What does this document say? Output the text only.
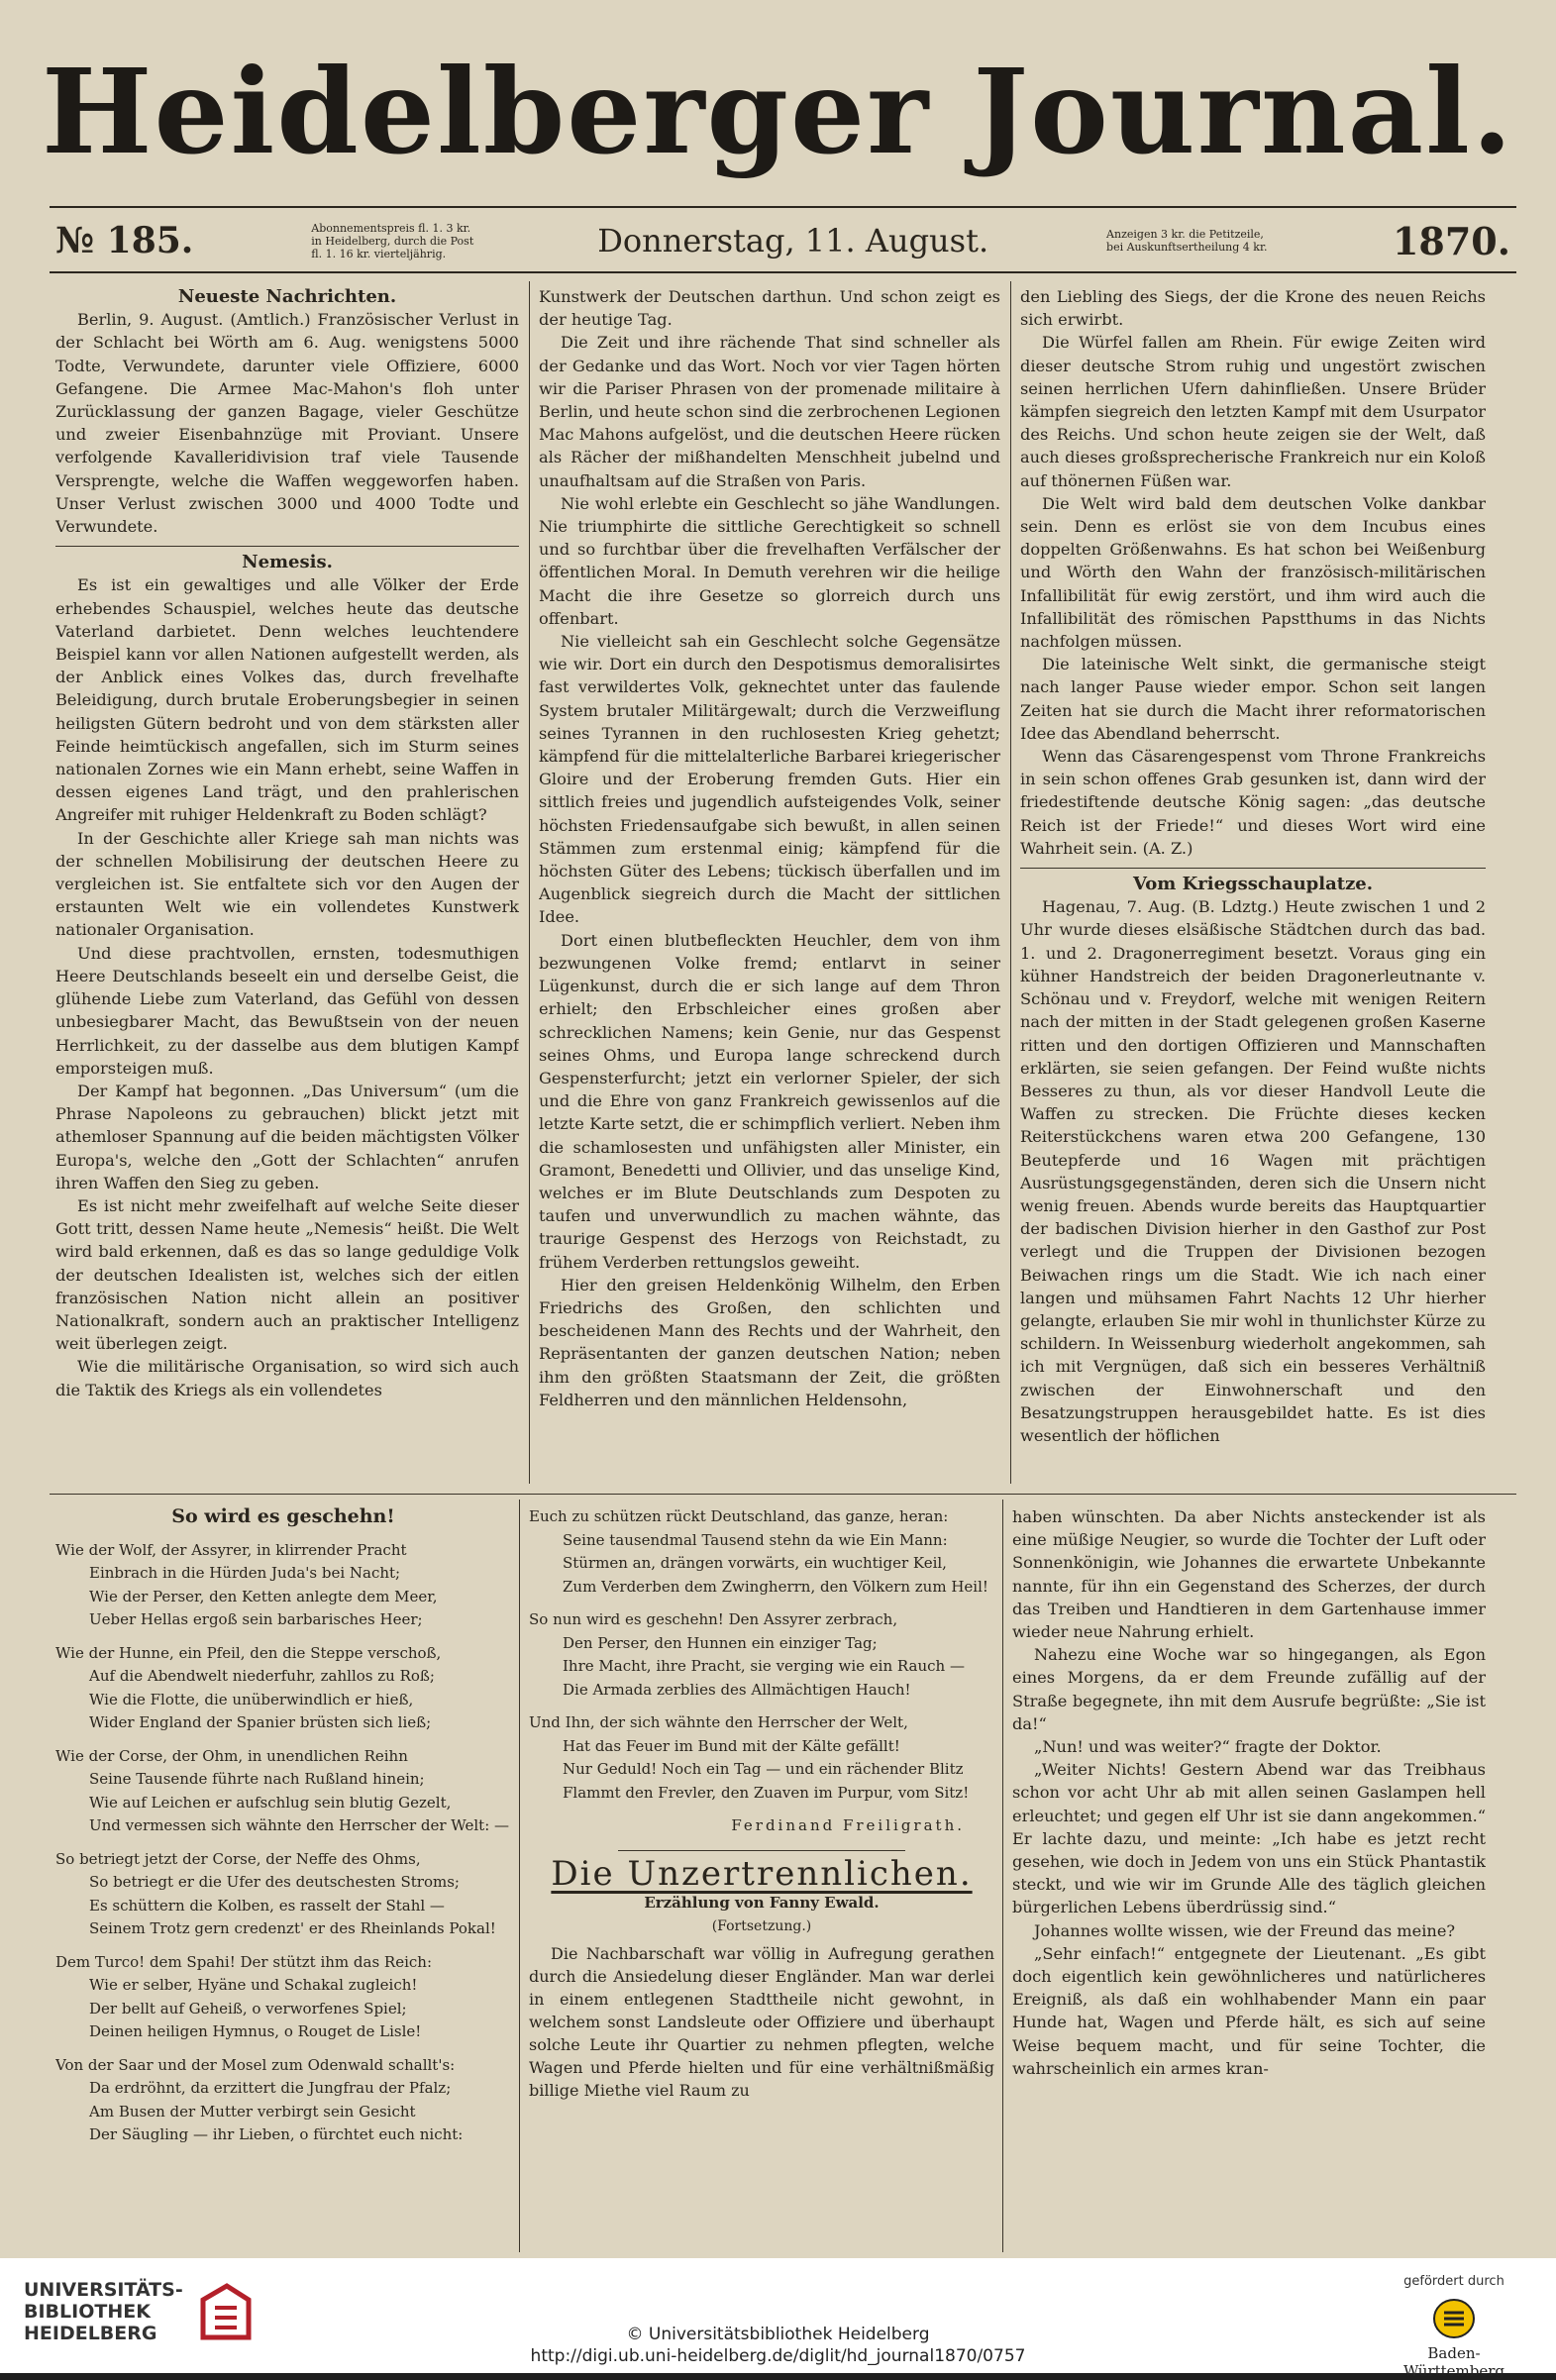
Heidelberger Journal.
№ 185.	Abonnementspreis fl. 1. 3 kr. in Heidelberg, durch die Post fl. 1. 16 kr. vierteljährig.	Donnerstag, 11. August.	Anzeigen 3 kr. die Petitzeile, bei Auskunftsertheilung 4 kr.	1870.

Neueste Nachrichten.

Berlin, 9. August. (Amtlich.) Französischer Verlust in der Schlacht bei Wörth am 6. Aug. wenigstens 5000 Todte, Verwundete, darunter viele Offiziere, 6000 Gefangene. Die Armee Mac-Mahon's floh unter Zurücklassung der ganzen Bagage, vieler Geschütze und zweier Eisenbahnzüge mit Proviant. Unsere verfolgende Kavalleridivision traf viele Tausende Versprengte, welche die Waffen weggeworfen haben. Unser Verlust zwischen 3000 und 4000 Todte und Verwundete.

Nemesis.

Es ist ein gewaltiges und alle Völker der Erde erhebendes Schauspiel, welches heute das deutsche Vaterland darbietet. Denn welches leuchtendere Beispiel kann vor allen Nationen aufgestellt werden, als der Anblick eines Volkes das, durch frevelhafte Beleidigung, durch brutale Eroberungsbegier in seinen heiligsten Gütern bedroht und von dem stärksten aller Feinde heimtückisch angefallen, sich im Sturm seines nationalen Zornes wie ein Mann erhebt, seine Waffen in dessen eigenes Land trägt, und den prahlerischen Angreifer mit ruhiger Heldenkraft zu Boden schlägt?

In der Geschichte aller Kriege sah man nichts was der schnellen Mobilisirung der deutschen Heere zu vergleichen ist. Sie entfaltete sich vor den Augen der erstaunten Welt wie ein vollendetes Kunstwerk nationaler Organisation.

Und diese prachtvollen, ernsten, todesmuthigen Heere Deutschlands beseelt ein und derselbe Geist, die glühende Liebe zum Vaterland, das Gefühl von dessen unbesiegbarer Macht, das Bewußtsein von der neuen Herrlichkeit, zu der dasselbe aus dem blutigen Kampf emporsteigen muß.

Der Kampf hat begonnen. „Das Universum“ (um die Phrase Napoleons zu gebrauchen) blickt jetzt mit athemloser Spannung auf die beiden mächtigsten Völker Europa's, welche den „Gott der Schlachten“ anrufen ihren Waffen den Sieg zu geben.

Es ist nicht mehr zweifelhaft auf welche Seite dieser Gott tritt, dessen Name heute „Nemesis“ heißt. Die Welt wird bald erkennen, daß es das so lange geduldige Volk der deutschen Idealisten ist, welches sich der eitlen französischen Nation nicht allein an positiver Nationalkraft, sondern auch an praktischer Intelligenz weit überlegen zeigt.

Wie die militärische Organisation, so wird sich auch die Taktik des Kriegs als ein vollendetes

Kunstwerk der Deutschen darthun. Und schon zeigt es der heutige Tag.

Die Zeit und ihre rächende That sind schneller als der Gedanke und das Wort. Noch vor vier Tagen hörten wir die Pariser Phrasen von der promenade militaire à Berlin, und heute schon sind die zerbrochenen Legionen Mac Mahons aufgelöst, und die deutschen Heere rücken als Rächer der mißhandelten Menschheit jubelnd und unaufhaltsam auf die Straßen von Paris.

Nie wohl erlebte ein Geschlecht so jähe Wandlungen. Nie triumphirte die sittliche Gerechtigkeit so schnell und so furchtbar über die frevelhaften Verfälscher der öffentlichen Moral. In Demuth verehren wir die heilige Macht die ihre Gesetze so glorreich durch uns offenbart.

Nie vielleicht sah ein Geschlecht solche Gegensätze wie wir. Dort ein durch den Despotismus demoralisirtes fast verwildertes Volk, geknechtet unter das faulende System brutaler Militärgewalt; durch die Verzweiflung seines Tyrannen in den ruchlosesten Krieg gehetzt; kämpfend für die mittelalterliche Barbarei kriegerischer Gloire und der Eroberung fremden Guts. Hier ein sittlich freies und jugendlich aufsteigendes Volk, seiner höchsten Friedensaufgabe sich bewußt, in allen seinen Stämmen zum erstenmal einig; kämpfend für die höchsten Güter des Lebens; tückisch überfallen und im Augenblick siegreich durch die Macht der sittlichen Idee.

Dort einen blutbefleckten Heuchler, dem von ihm bezwungenen Volke fremd; entlarvt in seiner Lügenkunst, durch die er sich lange auf dem Thron erhielt; den Erbschleicher eines großen aber schrecklichen Namens; kein Genie, nur das Gespenst seines Ohms, und Europa lange schreckend durch Gespensterfurcht; jetzt ein verlorner Spieler, der sich und die Ehre von ganz Frankreich gewissenlos auf die letzte Karte setzt, die er schimpflich verliert. Neben ihm die schamlosesten und unfähigsten aller Minister, ein Gramont, Benedetti und Ollivier, und das unselige Kind, welches er im Blute Deutschlands zum Despoten zu taufen und unverwundlich zu machen wähnte, das traurige Gespenst des Herzogs von Reichstadt, zu frühem Verderben rettungslos geweiht.

Hier den greisen Heldenkönig Wilhelm, den Erben Friedrichs des Großen, den schlichten und bescheidenen Mann des Rechts und der Wahrheit, den Repräsentanten der ganzen deutschen Nation; neben ihm den größten Staatsmann der Zeit, die größten Feldherren und den männlichen Heldensohn,

den Liebling des Siegs, der die Krone des neuen Reichs sich erwirbt.

Die Würfel fallen am Rhein. Für ewige Zeiten wird dieser deutsche Strom ruhig und ungestört zwischen seinen herrlichen Ufern dahinfließen. Unsere Brüder kämpfen siegreich den letzten Kampf mit dem Usurpator des Reichs. Und schon heute zeigen sie der Welt, daß auch dieses großsprecherische Frankreich nur ein Koloß auf thönernen Füßen war.

Die Welt wird bald dem deutschen Volke dankbar sein. Denn es erlöst sie von dem Incubus eines doppelten Größenwahns. Es hat schon bei Weißenburg und Wörth den Wahn der französisch-militärischen Infallibilität für ewig zerstört, und ihm wird auch die Infallibilität des römischen Papstthums in das Nichts nachfolgen müssen.

Die lateinische Welt sinkt, die germanische steigt nach langer Pause wieder empor. Schon seit langen Zeiten hat sie durch die Macht ihrer reformatorischen Idee das Abendland beherrscht.

Wenn das Cäsarengespenst vom Throne Frankreichs in sein schon offenes Grab gesunken ist, dann wird der friedestiftende deutsche König sagen: „das deutsche Reich ist der Friede!“ und dieses Wort wird eine Wahrheit sein. (A. Z.)

Vom Kriegsschauplatze.

Hagenau, 7. Aug. (B. Ldztg.) Heute zwischen 1 und 2 Uhr wurde dieses elsäßische Städtchen durch das bad. 1. und 2. Dragonerregiment besetzt. Voraus ging ein kühner Handstreich der beiden Dragonerleutnante v. Schönau und v. Freydorf, welche mit wenigen Reitern nach der mitten in der Stadt gelegenen großen Kaserne ritten und den dortigen Offizieren und Mannschaften erklärten, sie seien gefangen. Der Feind wußte nichts Besseres zu thun, als vor dieser Handvoll Leute die Waffen zu strecken. Die Früchte dieses kecken Reiterstückchens waren etwa 200 Gefangene, 130 Beutepferde und 16 Wagen mit prächtigen Ausrüstungsgegenständen, deren sich die Unsern nicht wenig freuen. Abends wurde bereits das Hauptquartier der badischen Division hierher in den Gasthof zur Post verlegt und die Truppen der Divisionen bezogen Beiwachen rings um die Stadt. Wie ich nach einer langen und mühsamen Fahrt Nachts 12 Uhr hierher gelangte, erlauben Sie mir wohl in thunlichster Kürze zu schildern. In Weissenburg wiederholt angekommen, sah ich mit Vergnügen, daß sich ein besseres Verhältniß zwischen der Einwohnerschaft und den Besatzungstruppen herausgebildet hatte. Es ist dies wesentlich der höflichen

So wird es geschehn!

Wie der Wolf, der Assyrer, in klirrender Pracht
Einbrach in die Hürden Juda's bei Nacht;
Wie der Perser, den Ketten anlegte dem Meer,
Ueber Hellas ergoß sein barbarisches Heer;
Wie der Hunne, ein Pfeil, den die Steppe verschoß,
Auf die Abendwelt niederfuhr, zahllos zu Roß;
Wie die Flotte, die unüberwindlich er hieß,
Wider England der Spanier brüsten sich ließ;
Wie der Corse, der Ohm, in unendlichen Reihn
Seine Tausende führte nach Rußland hinein;
Wie auf Leichen er aufschlug sein blutig Gezelt,
Und vermessen sich wähnte den Herrscher der Welt: —
So betriegt jetzt der Corse, der Neffe des Ohms,
So betriegt er die Ufer des deutschesten Stroms;
Es schüttern die Kolben, es rasselt der Stahl —
Seinem Trotz gern credenzt' er des Rheinlands Pokal!
Dem Turco! dem Spahi! Der stützt ihm das Reich:
Wie er selber, Hyäne und Schakal zugleich!
Der bellt auf Geheiß, o verworfenes Spiel;
Deinen heiligen Hymnus, o Rouget de Lisle!
Von der Saar und der Mosel zum Odenwald schallt's:
Da erdröhnt, da erzittert die Jungfrau der Pfalz;
Am Busen der Mutter verbirgt sein Gesicht
Der Säugling — ihr Lieben, o fürchtet euch nicht:
Euch zu schützen rückt Deutschland, das ganze, heran:
Seine tausendmal Tausend stehn da wie Ein Mann:
Stürmen an, drängen vorwärts, ein wuchtiger Keil,
Zum Verderben dem Zwingherrn, den Völkern zum Heil!
So nun wird es geschehn! Den Assyrer zerbrach,
Den Perser, den Hunnen ein einziger Tag;
Ihre Macht, ihre Pracht, sie verging wie ein Rauch —
Die Armada zerblies des Allmächtigen Hauch!
Und Ihn, der sich wähnte den Herrscher der Welt,
Hat das Feuer im Bund mit der Kälte gefällt!
Nur Geduld! Noch ein Tag — und ein rächender Blitz
Flammt den Frevler, den Zuaven im Purpur, vom Sitz!
Ferdinand Freiligrath.
Die Unzertrennlichen.
Erzählung von Fanny Ewald.
(Fortsetzung.)

Die Nachbarschaft war völlig in Aufregung gerathen durch die Ansiedelung dieser Engländer. Man war derlei in einem entlegenen Stadttheile nicht gewohnt, in welchem sonst Landsleute oder Offiziere und überhaupt solche Leute ihr Quartier zu nehmen pflegten, welche Wagen und Pferde hielten und für eine verhältnißmäßig billige Miethe viel Raum zu

haben wünschten. Da aber Nichts ansteckender ist als eine müßige Neugier, so wurde die Tochter der Luft oder Sonnenkönigin, wie Johannes die erwartete Unbekannte nannte, für ihn ein Gegenstand des Scherzes, der durch das Treiben und Handtieren in dem Gartenhause immer wieder neue Nahrung erhielt.

Nahezu eine Woche war so hingegangen, als Egon eines Morgens, da er dem Freunde zufällig auf der Straße begegnete, ihn mit dem Ausrufe begrüßte: „Sie ist da!“

„Nun! und was weiter?“ fragte der Doktor.

„Weiter Nichts! Gestern Abend war das Treibhaus schon vor acht Uhr ab mit allen seinen Gaslampen hell erleuchtet; und gegen elf Uhr ist sie dann angekommen.“ Er lachte dazu, und meinte: „Ich habe es jetzt recht gesehen, wie doch in Jedem von uns ein Stück Phantastik steckt, und wie wir im Grunde Alle des täglich gleichen bürgerlichen Lebens überdrüssig sind.“

Johannes wollte wissen, wie der Freund das meine?

„Sehr einfach!“ entgegnete der Lieutenant. „Es gibt doch eigentlich kein gewöhnlicheres und natürlicheres Ereigniß, als daß ein wohlhabender Mann ein paar Hunde hat, Wagen und Pferde hält, es sich auf seine Weise bequem macht, und für seine Tochter, die wahrscheinlich ein armes kran-

UNIVERSITÄTS-
BIBLIOTHEK
HEIDELBERG	© Universitätsbibliothek Heidelberg
http://digi.ub.uni-heidelberg.de/diglit/hd_journal1870/0757
gefördert durch
Baden-Württemberg
